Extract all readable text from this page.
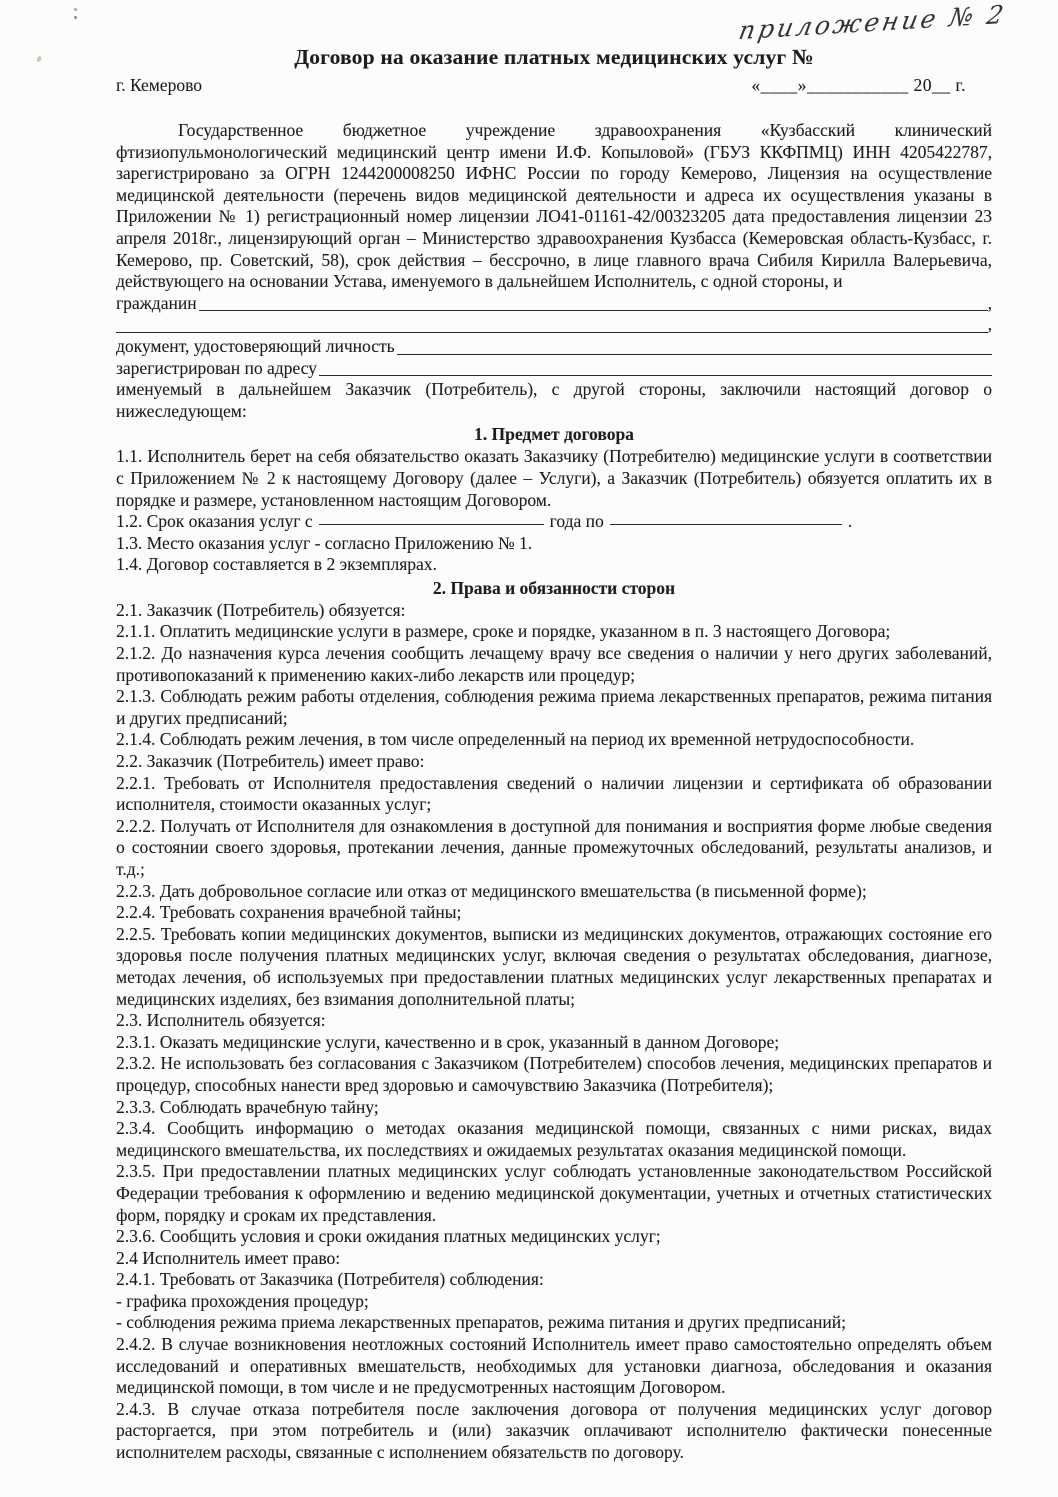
приложение № 2
Договор на оказание платных медицинских услуг №
г. Кемерово	«____»___________ 20__ г.

Государственное бюджетное учреждение здравоохранения «Кузбасский клинический фтизиопульмонологический медицинский центр имени И.Ф. Копыловой» (ГБУЗ ККФПМЦ) ИНН 4205422787, зарегистрировано за ОГРН 1244200008250 ИФНС России по городу Кемерово, Лицензия на осуществление медицинской деятельности (перечень видов медицинской деятельности и адреса их осуществления указаны в Приложении № 1) регистрационный номер лицензии ЛО41-01161-42/00323205 дата предоставления лицензии 23 апреля 2018г., лицензирующий орган – Министерство здравоохранения Кузбасса (Кемеровская область-Кузбасс, г. Кемерово, пр. Советский, 58), срок действия – бессрочно, в лице главного врача Сибиля Кирилла Валерьевича, действующего на основании Устава, именуемого в дальнейшем Исполнитель, с одной стороны, и

гражданин	,
,
документ, удостоверяющий личность
зарегистрирован по адресу

именуемый в дальнейшем Заказчик (Потребитель), с другой стороны, заключили настоящий договор о нижеследующем:

1. Предмет договора

1.1. Исполнитель берет на себя обязательство оказать Заказчику (Потребителю) медицинские услуги в соответствии с Приложением № 2 к настоящему Договору (далее – Услуги), а Заказчик (Потребитель) обязуется оплатить их в порядке и размере, установленном настоящим Договором.

1.2. Срок оказания услуг с	года по	.

1.3. Место оказания услуг - согласно Приложению № 1.

1.4. Договор составляется в 2 экземплярах.

2. Права и обязанности сторон

2.1. Заказчик (Потребитель) обязуется:

2.1.1. Оплатить медицинские услуги в размере, сроке и порядке, указанном в п. 3 настоящего Договора;

2.1.2. До назначения курса лечения сообщить лечащему врачу все сведения о наличии у него других заболеваний, противопоказаний к применению каких-либо лекарств или процедур;

2.1.3. Соблюдать режим работы отделения, соблюдения режима приема лекарственных препаратов, режима питания и других предписаний;

2.1.4. Соблюдать режим лечения, в том числе определенный на период их временной нетрудоспособности.

2.2. Заказчик (Потребитель) имеет право:

2.2.1. Требовать от Исполнителя предоставления сведений о наличии лицензии и сертификата об образовании исполнителя, стоимости оказанных услуг;

2.2.2. Получать от Исполнителя для ознакомления в доступной для понимания и восприятия форме любые сведения о состоянии своего здоровья, протекании лечения, данные промежуточных обследований, результаты анализов, и т.д.;

2.2.3. Дать добровольное согласие или отказ от медицинского вмешательства (в письменной форме);

2.2.4. Требовать сохранения врачебной тайны;

2.2.5. Требовать копии медицинских документов, выписки из медицинских документов, отражающих состояние его здоровья после получения платных медицинских услуг, включая сведения о результатах обследования, диагнозе, методах лечения, об используемых при предоставлении платных медицинских услуг лекарственных препаратах и медицинских изделиях, без взимания дополнительной платы;

2.3. Исполнитель обязуется:

2.3.1. Оказать медицинские услуги, качественно и в срок, указанный в данном Договоре;

2.3.2. Не использовать без согласования с Заказчиком (Потребителем) способов лечения, медицинских препаратов и процедур, способных нанести вред здоровью и самочувствию Заказчика (Потребителя);

2.3.3. Соблюдать врачебную тайну;

2.3.4. Сообщить информацию о методах оказания медицинской помощи, связанных с ними рисках, видах медицинского вмешательства, их последствиях и ожидаемых результатах оказания медицинской помощи.

2.3.5. При предоставлении платных медицинских услуг соблюдать установленные законодательством Российской Федерации требования к оформлению и ведению медицинской документации, учетных и отчетных статистических форм, порядку и срокам их представления.

2.3.6. Сообщить условия и сроки ожидания платных медицинских услуг;

2.4 Исполнитель имеет право:

2.4.1. Требовать от Заказчика (Потребителя) соблюдения:

- графика прохождения процедур;

- соблюдения режима приема лекарственных препаратов, режима питания и других предписаний;

2.4.2. В случае возникновения неотложных состояний Исполнитель имеет право самостоятельно определять объем исследований и оперативных вмешательств, необходимых для установки диагноза, обследования и оказания медицинской помощи, в том числе и не предусмотренных настоящим Договором.

2.4.3. В случае отказа потребителя после заключения договора от получения медицинских услуг договор расторгается, при этом потребитель и (или) заказчик оплачивают исполнителю фактически понесенные исполнителем расходы, связанные с исполнением обязательств по договору.
